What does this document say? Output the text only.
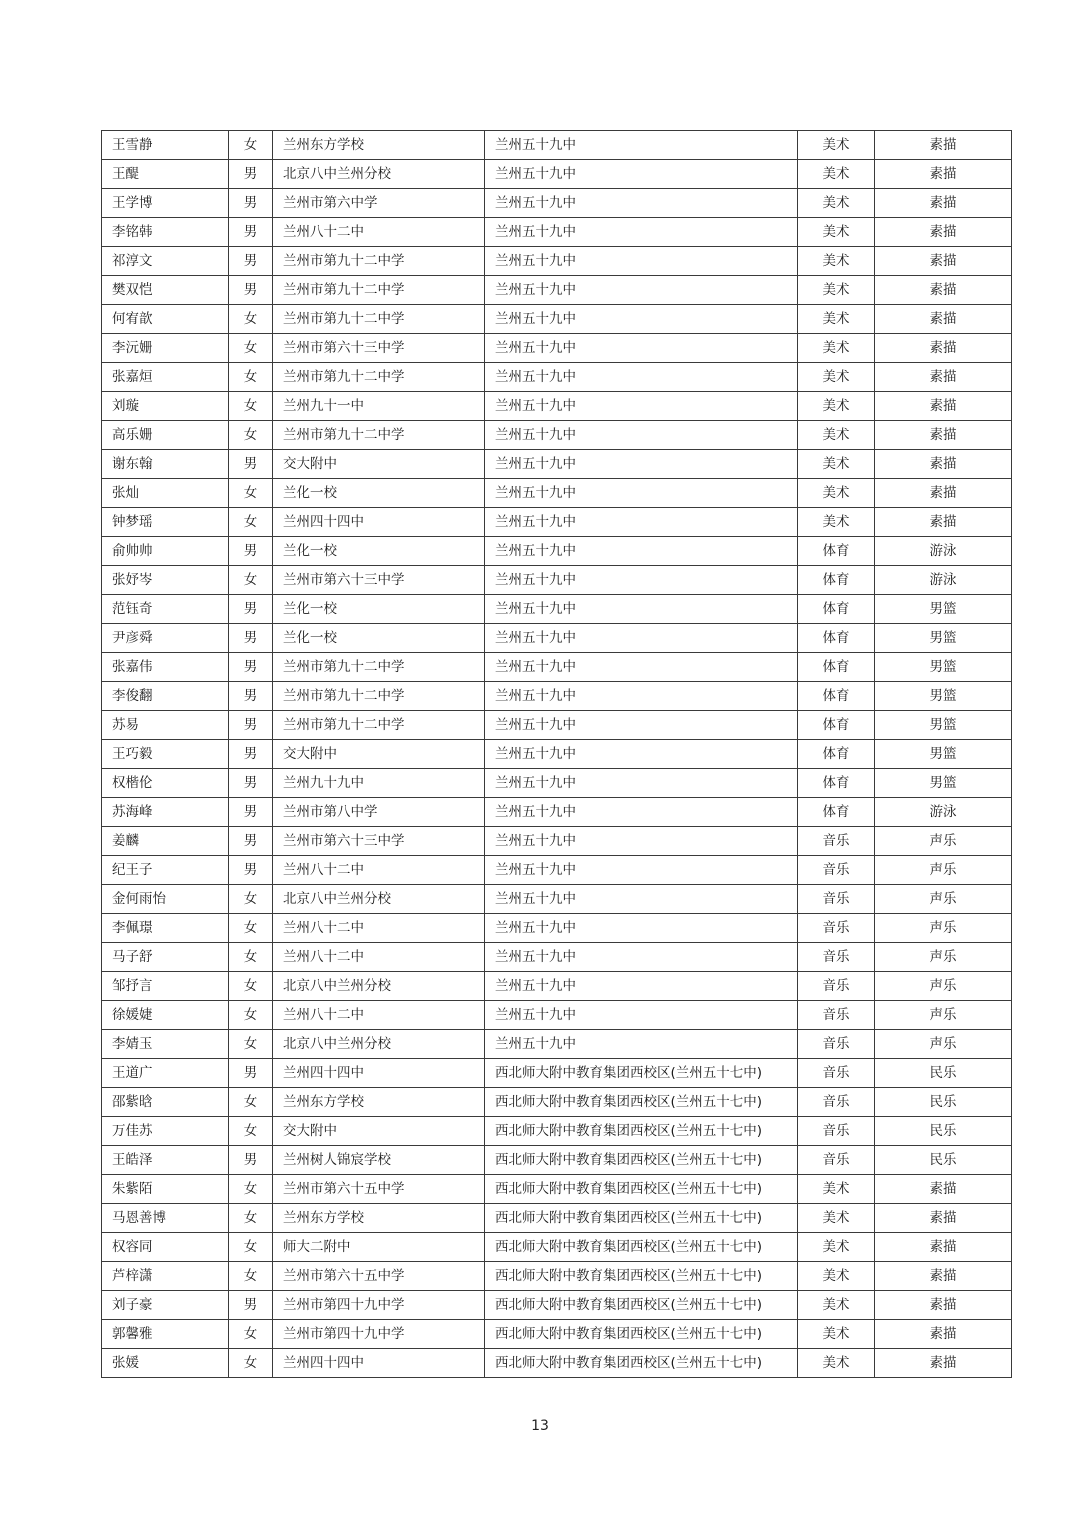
王雪静	女	兰州东方学校	兰州五十九中	美术	素描
王醍	男	北京八中兰州分校	兰州五十九中	美术	素描
王学博	男	兰州市第六中学	兰州五十九中	美术	素描
李铭韩	男	兰州八十二中	兰州五十九中	美术	素描
祁淳文	男	兰州市第九十二中学	兰州五十九中	美术	素描
樊双恺	男	兰州市第九十二中学	兰州五十九中	美术	素描
何宥歆	女	兰州市第九十二中学	兰州五十九中	美术	素描
李沅姗	女	兰州市第六十三中学	兰州五十九中	美术	素描
张嘉烜	女	兰州市第九十二中学	兰州五十九中	美术	素描
刘璇	女	兰州九十一中	兰州五十九中	美术	素描
高乐姗	女	兰州市第九十二中学	兰州五十九中	美术	素描
谢东翰	男	交大附中	兰州五十九中	美术	素描
张灿	女	兰化一校	兰州五十九中	美术	素描
钟梦瑶	女	兰州四十四中	兰州五十九中	美术	素描
俞帅帅	男	兰化一校	兰州五十九中	体育	游泳
张妤岑	女	兰州市第六十三中学	兰州五十九中	体育	游泳
范钰奇	男	兰化一校	兰州五十九中	体育	男篮
尹彦舜	男	兰化一校	兰州五十九中	体育	男篮
张嘉伟	男	兰州市第九十二中学	兰州五十九中	体育	男篮
李俊翻	男	兰州市第九十二中学	兰州五十九中	体育	男篮
苏易	男	兰州市第九十二中学	兰州五十九中	体育	男篮
王巧毅	男	交大附中	兰州五十九中	体育	男篮
权楷伦	男	兰州九十九中	兰州五十九中	体育	男篮
苏海峰	男	兰州市第八中学	兰州五十九中	体育	游泳
姜麟	男	兰州市第六十三中学	兰州五十九中	音乐	声乐
纪王子	男	兰州八十二中	兰州五十九中	音乐	声乐
金何雨怡	女	北京八中兰州分校	兰州五十九中	音乐	声乐
李佩璟	女	兰州八十二中	兰州五十九中	音乐	声乐
马子舒	女	兰州八十二中	兰州五十九中	音乐	声乐
邹抒言	女	北京八中兰州分校	兰州五十九中	音乐	声乐
徐媛婕	女	兰州八十二中	兰州五十九中	音乐	声乐
李婧玉	女	北京八中兰州分校	兰州五十九中	音乐	声乐
王道广	男	兰州四十四中	西北师大附中教育集团西校区(兰州五十七中)	音乐	民乐
邵紫晗	女	兰州东方学校	西北师大附中教育集团西校区(兰州五十七中)	音乐	民乐
万佳苏	女	交大附中	西北师大附中教育集团西校区(兰州五十七中)	音乐	民乐
王皓泽	男	兰州树人锦宸学校	西北师大附中教育集团西校区(兰州五十七中)	音乐	民乐
朱紫陌	女	兰州市第六十五中学	西北师大附中教育集团西校区(兰州五十七中)	美术	素描
马恩善博	女	兰州东方学校	西北师大附中教育集团西校区(兰州五十七中)	美术	素描
权容同	女	师大二附中	西北师大附中教育集团西校区(兰州五十七中)	美术	素描
芦梓潇	女	兰州市第六十五中学	西北师大附中教育集团西校区(兰州五十七中)	美术	素描
刘子豪	男	兰州市第四十九中学	西北师大附中教育集团西校区(兰州五十七中)	美术	素描
郭馨雅	女	兰州市第四十九中学	西北师大附中教育集团西校区(兰州五十七中)	美术	素描
张媛	女	兰州四十四中	西北师大附中教育集团西校区(兰州五十七中)	美术	素描
13
